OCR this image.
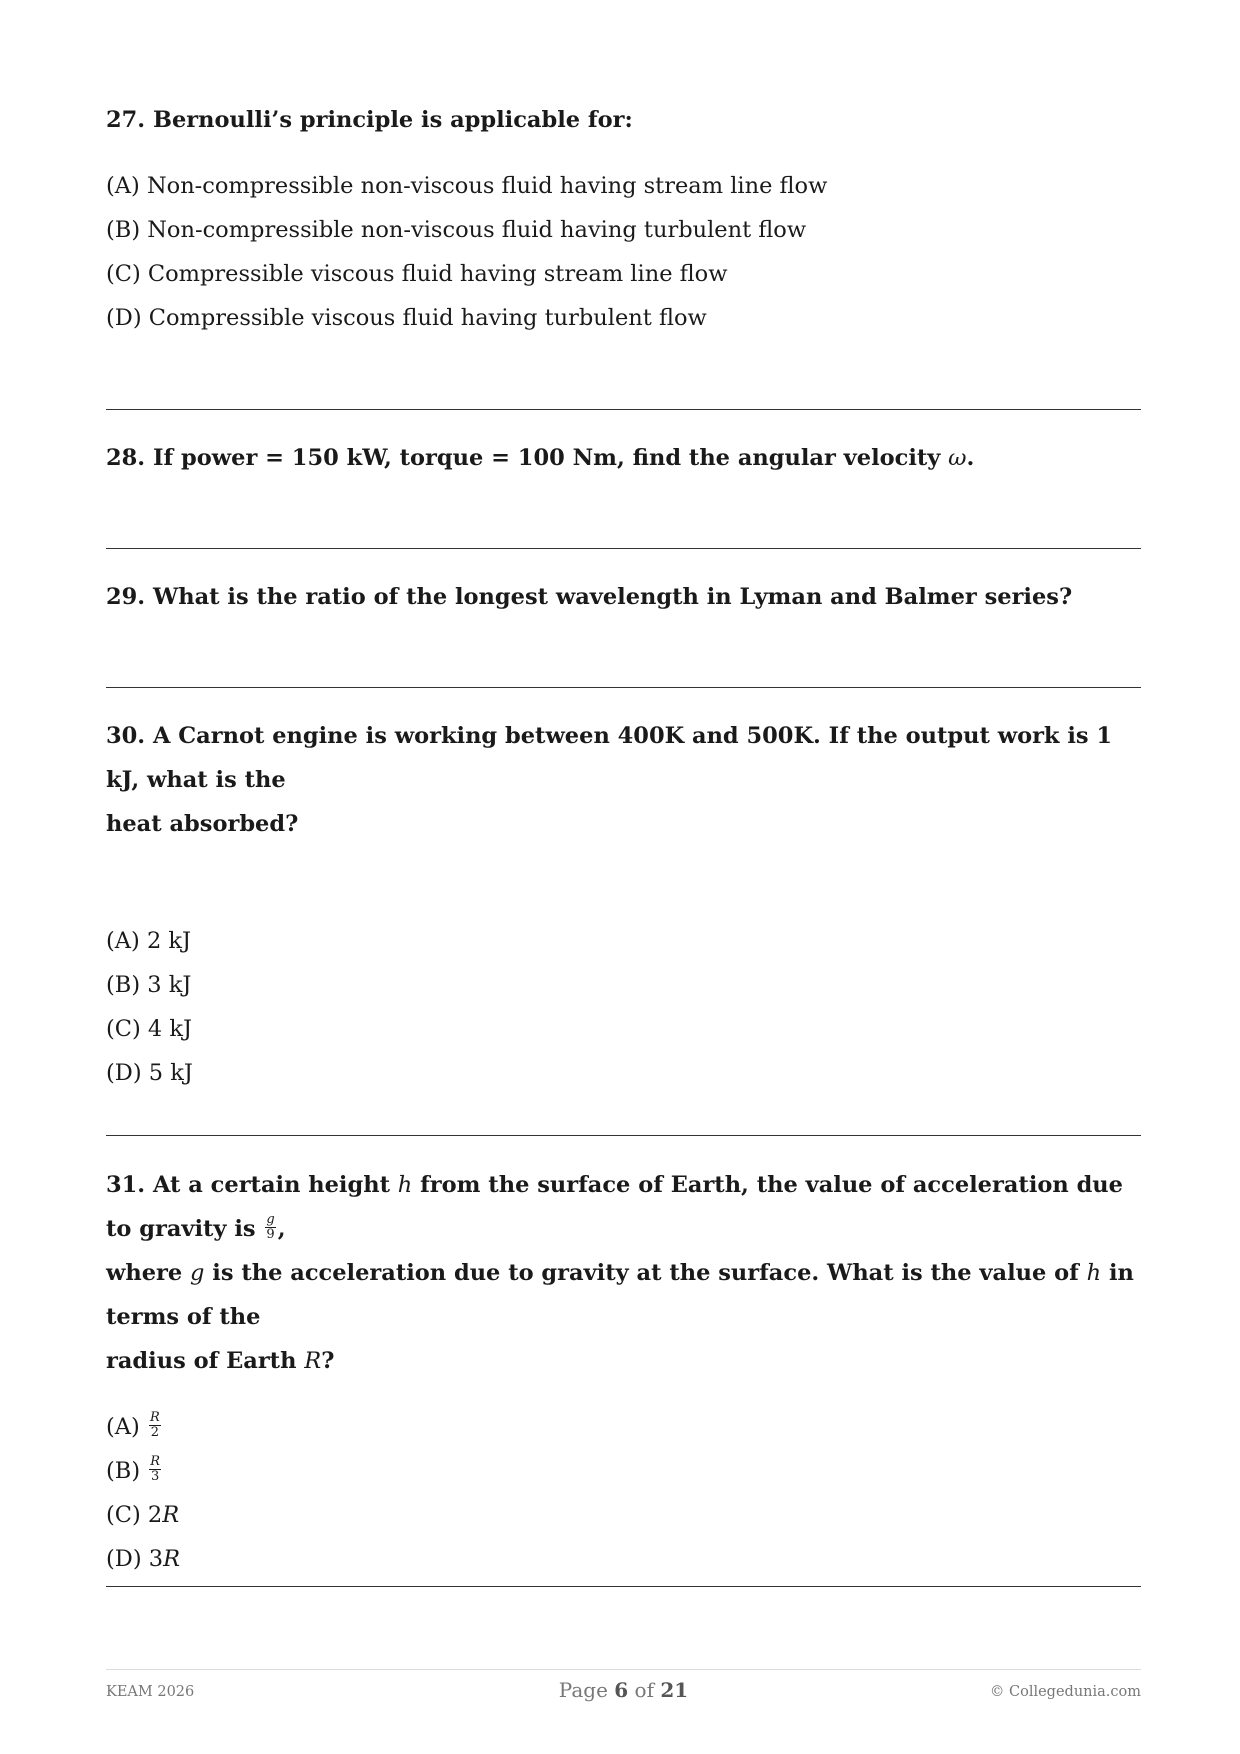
27. Bernoulli’s principle is applicable for:

(A) Non-compressible non-viscous fluid having stream line flow
(B) Non-compressible non-viscous fluid having turbulent flow
(C) Compressible viscous fluid having stream line flow
(D) Compressible viscous fluid having turbulent flow

28. If power = 150 kW, torque = 100 Nm, find the angular velocity ω.

29. What is the ratio of the longest wavelength in Lyman and Balmer series?

30. A Carnot engine is working between 400K and 500K. If the output work is 1 kJ, what is the
heat absorbed?

(A) 2 kJ
(B) 3 kJ
(C) 4 kJ
(D) 5 kJ

31. At a certain height h from the surface of Earth, the value of acceleration due to gravity is $\frac{g}{9}$ ,
where g is the acceleration due to gravity at the surface. What is the value of h in terms of the
radius of Earth R?

$(A) \frac{R}{2}$
$(B) \frac{R}{3}$
(C) 2R
(D) 3R
KEAM 2026	Page 6 of 21	© Collegedunia.com
